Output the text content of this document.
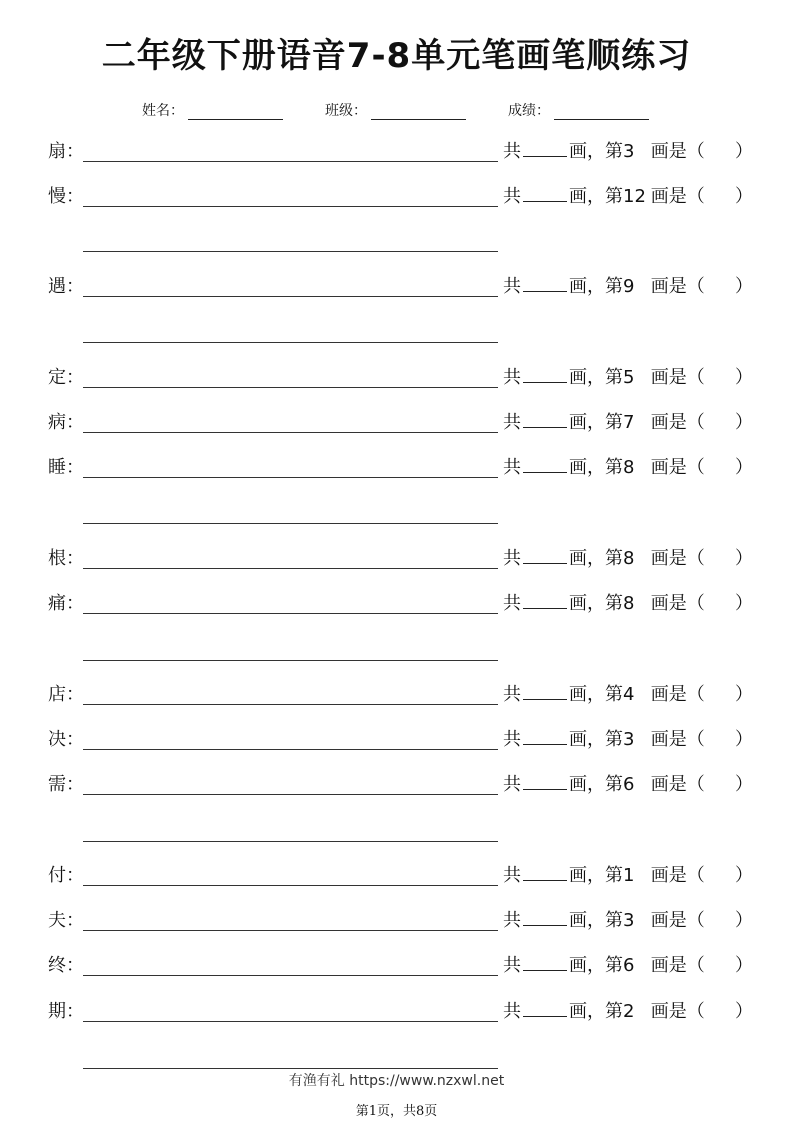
二年级下册语音7-8单元笔画笔顺练习
姓名：	班级：	成绩：
扇：	共	画，第3 画是（ ）
慢：	共	画，第12 画是（ ）
遇：	共	画，第9 画是（ ）
定：	共	画，第5 画是（ ）
病：	共	画，第7 画是（ ）
睡：	共	画，第8 画是（ ）
根：	共	画，第8 画是（ ）
痛：	共	画，第8 画是（ ）
店：	共	画，第4 画是（ ）
决：	共	画，第3 画是（ ）
需：	共	画，第6 画是（ ）
付：	共	画，第1 画是（ ）
夫：	共	画，第3 画是（ ）
终：	共	画，第6 画是（ ）
期：	共	画，第2 画是（ ）
有渔有礼 https://www.nzxwl.net
第1页，共8页
